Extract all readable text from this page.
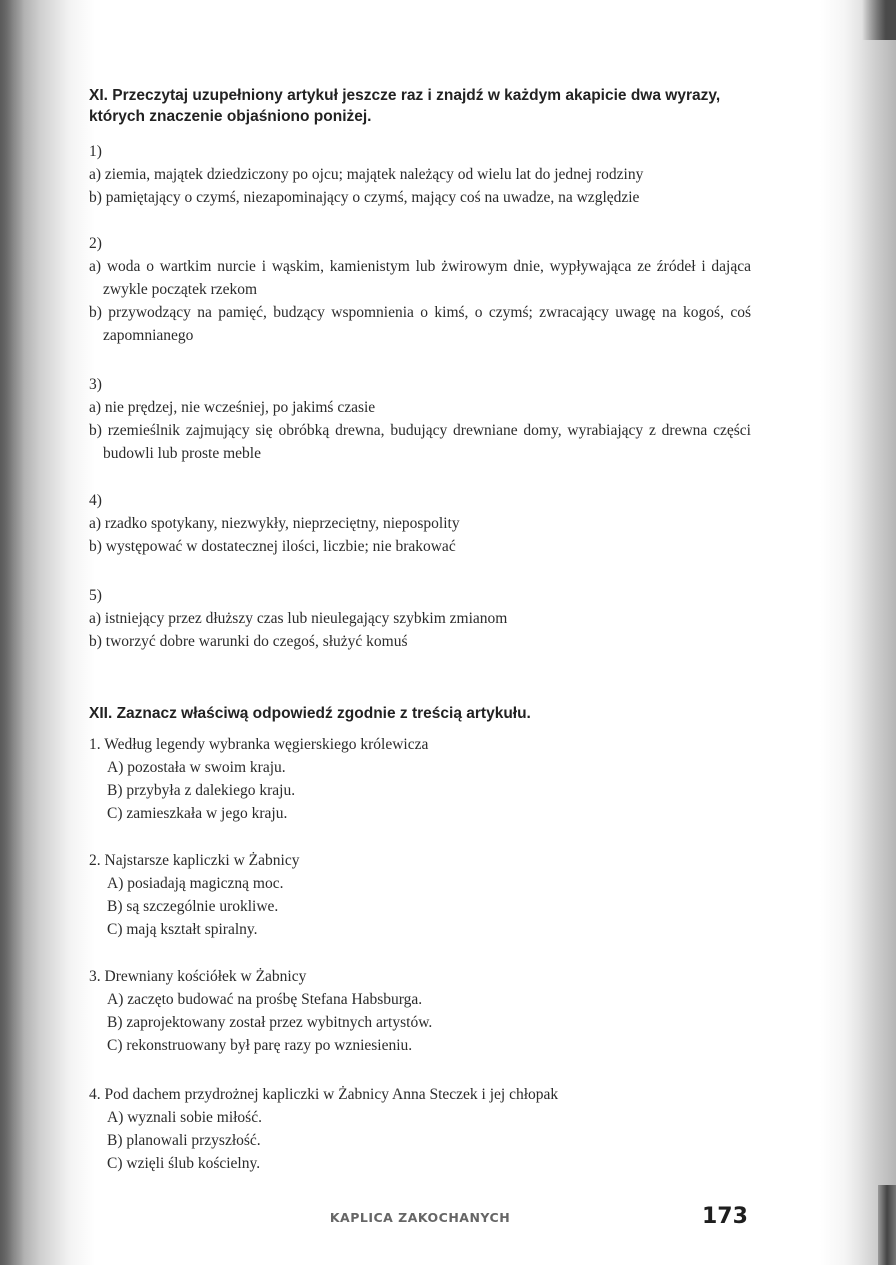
XI. Przeczytaj uzupełniony artykuł jeszcze raz i znajdź w każdym akapicie dwa wyrazy,
których znaczenie objaśniono poniżej.
1)
a) ziemia, majątek dziedziczony po ojcu; majątek należący od wielu lat do jednej rodziny
b) pamiętający o czymś, niezapominający o czymś, mający coś na uwadze, na względzie
2)
a) woda o wartkim nurcie i wąskim, kamienistym lub żwirowym dnie, wypływająca ze źródeł i dająca zwykle początek rzekom
b) przywodzący na pamięć, budzący wspomnienia o kimś, o czymś; zwracający uwagę na kogoś, coś zapomnianego
3)
a) nie prędzej, nie wcześniej, po jakimś czasie
b) rzemieślnik zajmujący się obróbką drewna, budujący drewniane domy, wyrabiający z drewna części budowli lub proste meble
4)
a) rzadko spotykany, niezwykły, nieprzeciętny, niepospolity
b) występować w dostatecznej ilości, liczbie; nie brakować
5)
a) istniejący przez dłuższy czas lub nieulegający szybkim zmianom
b) tworzyć dobre warunki do czegoś, służyć komuś
XII. Zaznacz właściwą odpowiedź zgodnie z treścią artykułu.
1. Według legendy wybranka węgierskiego królewicza
A) pozostała w swoim kraju.
B) przybyła z dalekiego kraju.
C) zamieszkała w jego kraju.
2. Najstarsze kapliczki w Żabnicy
A) posiadają magiczną moc.
B) są szczególnie urokliwe.
C) mają kształt spiralny.
3. Drewniany kościółek w Żabnicy
A) zaczęto budować na prośbę Stefana Habsburga.
B) zaprojektowany został przez wybitnych artystów.
C) rekonstruowany był parę razy po wzniesieniu.
4. Pod dachem przydrożnej kapliczki w Żabnicy Anna Steczek i jej chłopak
A) wyznali sobie miłość.
B) planowali przyszłość.
C) wzięli ślub kościelny.
KAPLICA ZAKOCHANYCH	173
